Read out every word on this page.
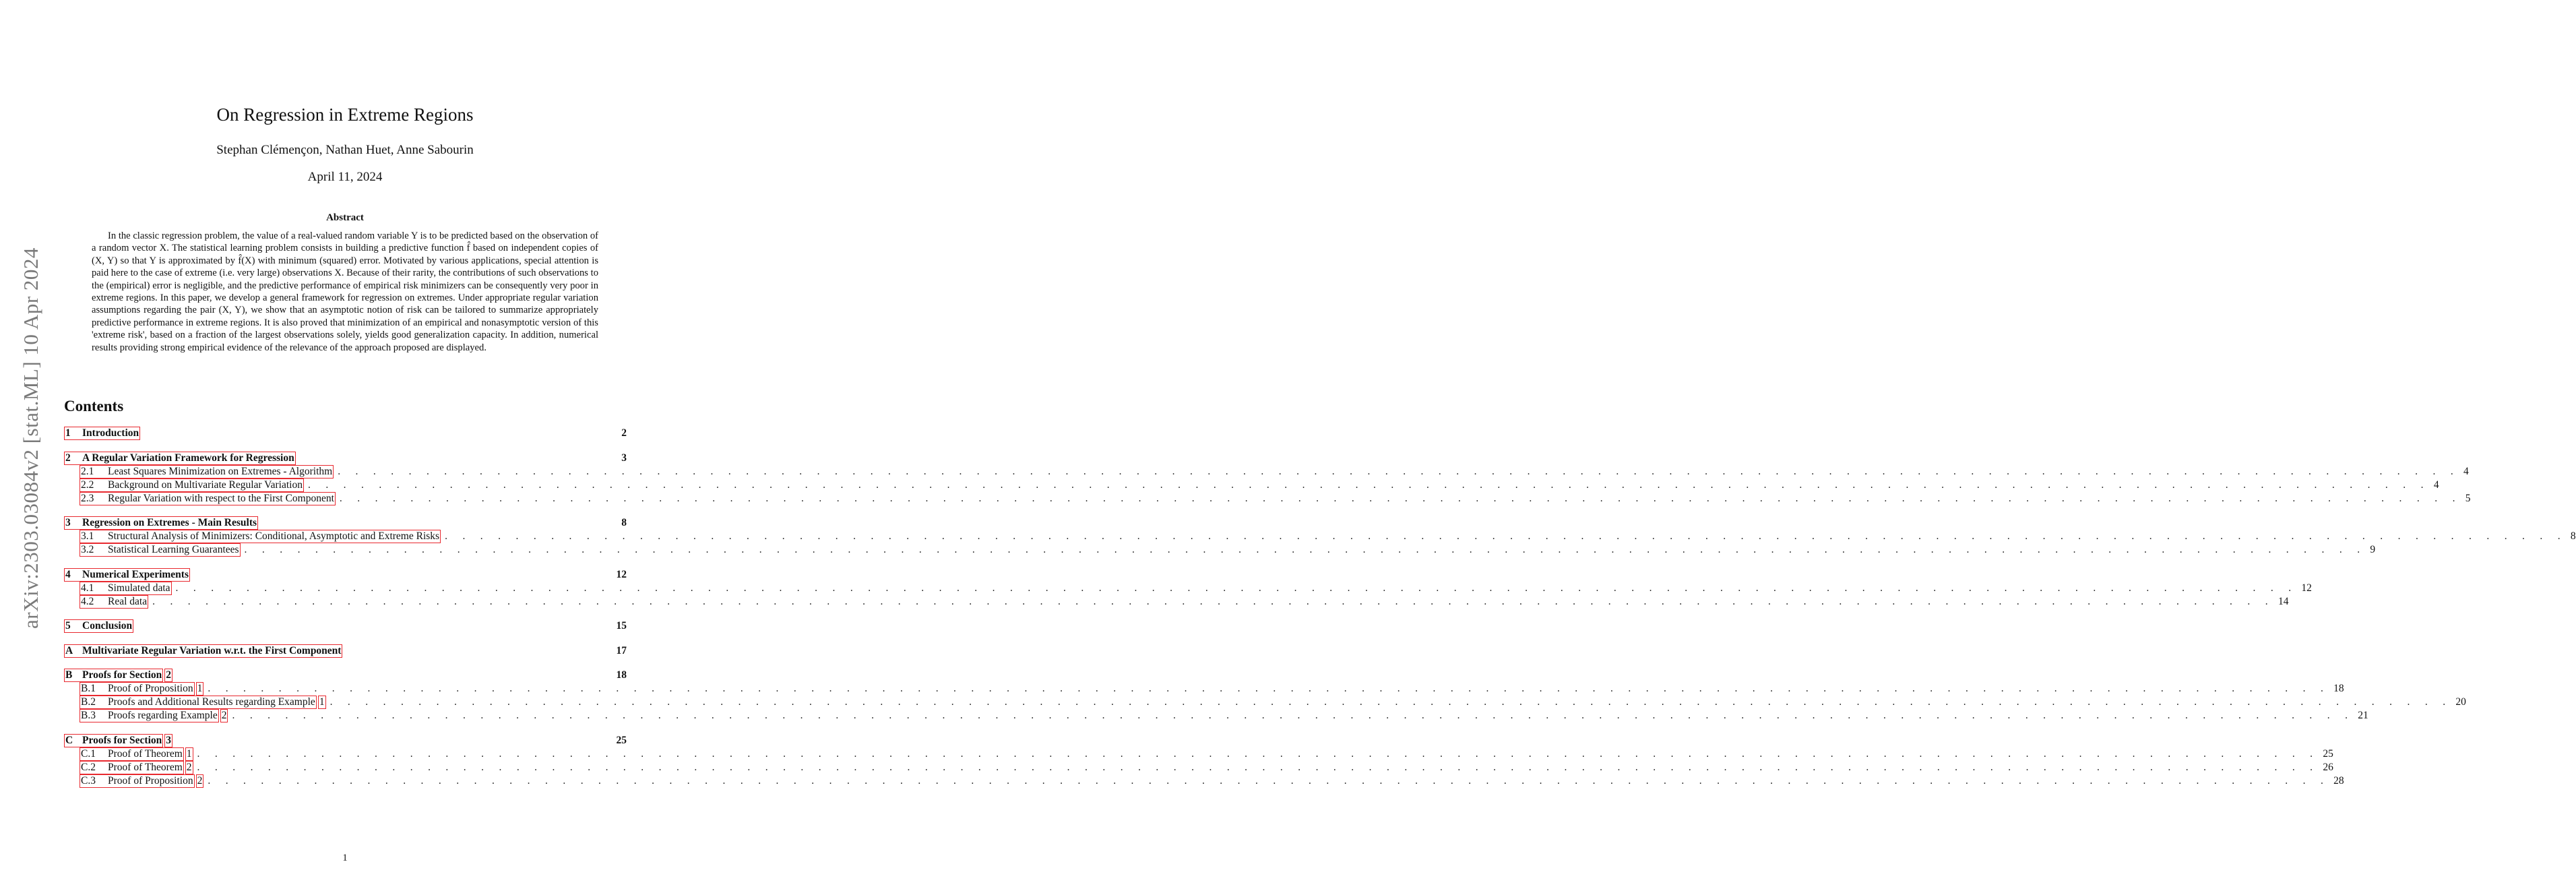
arXiv:2303.03084v2 [stat.ML] 10 Apr 2024
On Regression in Extreme Regions
Stephan Clémençon, Nathan Huet, Anne Sabourin
April 11, 2024
Abstract
In the classic regression problem, the value of a real-valued random variable Y is to be predicted based on the observation of a random vector X. The statistical learning problem consists in building a predictive function f̂ based on independent copies of (X, Y) so that Y is approximated by f̂(X) with minimum (squared) error. Motivated by various applications, special attention is paid here to the case of extreme (i.e. very large) observations X. Because of their rarity, the contributions of such observations to the (empirical) error is negligible, and the predictive performance of empirical risk minimizers can be consequently very poor in extreme regions. In this paper, we develop a general framework for regression on extremes. Under appropriate regular variation assumptions regarding the pair (X, Y), we show that an asymptotic notion of risk can be tailored to summarize appropriately predictive performance in extreme regions. It is also proved that minimization of an empirical and nonasymptotic version of this 'extreme risk', based on a fraction of the largest observations solely, yields good generalization capacity. In addition, numerical results providing strong empirical evidence of the relevance of the approach proposed are displayed.
Contents
1	Introduction	2
2	A Regular Variation Framework for Regression	3
2.1	Least Squares Minimization on Extremes - Algorithm . . . . . . . . . . . . . . . . . . . . . . . . . . . . . . . . . . . . . . . . . . . . . . . . . . . . . . . . . . . . . . . . . . . . . . . . . . . . . . . . . . . . . . . . . . . . . . . . . . . . . . . . . . . . . . . . . . . . . . . . 4
2.2	Background on Multivariate Regular Variation . . . . . . . . . . . . . . . . . . . . . . . . . . . . . . . . . . . . . . . . . . . . . . . . . . . . . . . . . . . . . . . . . . . . . . . . . . . . . . . . . . . . . . . . . . . . . . . . . . . . . . . . . . . . . . . . . . . . . . . . 4
2.3	Regular Variation with respect to the First Component . . . . . . . . . . . . . . . . . . . . . . . . . . . . . . . . . . . . . . . . . . . . . . . . . . . . . . . . . . . . . . . . . . . . . . . . . . . . . . . . . . . . . . . . . . . . . . . . . . . . . . . . . . . . . . . . . . . . . . . . 5
3	Regression on Extremes - Main Results	8
3.1	Structural Analysis of Minimizers: Conditional, Asymptotic and Extreme Risks . . . . . . . . . . . . . . . . . . . . . . . . . . . . . . . . . . . . . . . . . . . . . . . . . . . . . . . . . . . . . . . . . . . . . . . . . . . . . . . . . . . . . . . . . . . . . . . . . . . . . . . . . . . . . . . . . . . . . . . . 8
3.2	Statistical Learning Guarantees . . . . . . . . . . . . . . . . . . . . . . . . . . . . . . . . . . . . . . . . . . . . . . . . . . . . . . . . . . . . . . . . . . . . . . . . . . . . . . . . . . . . . . . . . . . . . . . . . . . . . . . . . . . . . . . . . . . . . . . . 9
4	Numerical Experiments	12
4.1	Simulated data . . . . . . . . . . . . . . . . . . . . . . . . . . . . . . . . . . . . . . . . . . . . . . . . . . . . . . . . . . . . . . . . . . . . . . . . . . . . . . . . . . . . . . . . . . . . . . . . . . . . . . . . . . . . . . . . . . . . . . . . 12
4.2	Real data . . . . . . . . . . . . . . . . . . . . . . . . . . . . . . . . . . . . . . . . . . . . . . . . . . . . . . . . . . . . . . . . . . . . . . . . . . . . . . . . . . . . . . . . . . . . . . . . . . . . . . . . . . . . . . . . . . . . . . . . 14
5	Conclusion	15
A Multivariate Regular Variation w.r.t. the First Component	17
B Proofs for Section 2	18
B.1	Proof of Proposition 1 . . . . . . . . . . . . . . . . . . . . . . . . . . . . . . . . . . . . . . . . . . . . . . . . . . . . . . . . . . . . . . . . . . . . . . . . . . . . . . . . . . . . . . . . . . . . . . . . . . . . . . . . . . . . . . . . . . . . . . . . 18
B.2	Proofs and Additional Results regarding Example 1 . . . . . . . . . . . . . . . . . . . . . . . . . . . . . . . . . . . . . . . . . . . . . . . . . . . . . . . . . . . . . . . . . . . . . . . . . . . . . . . . . . . . . . . . . . . . . . . . . . . . . . . . . . . . . . . . . . . . . . . . 20
B.3	Proofs regarding Example 2 . . . . . . . . . . . . . . . . . . . . . . . . . . . . . . . . . . . . . . . . . . . . . . . . . . . . . . . . . . . . . . . . . . . . . . . . . . . . . . . . . . . . . . . . . . . . . . . . . . . . . . . . . . . . . . . . . . . . . . . . 21
C Proofs for Section 3	25
C.1	Proof of Theorem 1 . . . . . . . . . . . . . . . . . . . . . . . . . . . . . . . . . . . . . . . . . . . . . . . . . . . . . . . . . . . . . . . . . . . . . . . . . . . . . . . . . . . . . . . . . . . . . . . . . . . . . . . . . . . . . . . . . . . . . . . . 25
C.2	Proof of Theorem 2 . . . . . . . . . . . . . . . . . . . . . . . . . . . . . . . . . . . . . . . . . . . . . . . . . . . . . . . . . . . . . . . . . . . . . . . . . . . . . . . . . . . . . . . . . . . . . . . . . . . . . . . . . . . . . . . . . . . . . . . . 26
C.3	Proof of Proposition 2 . . . . . . . . . . . . . . . . . . . . . . . . . . . . . . . . . . . . . . . . . . . . . . . . . . . . . . . . . . . . . . . . . . . . . . . . . . . . . . . . . . . . . . . . . . . . . . . . . . . . . . . . . . . . . . . . . . . . . . . . 28
1
